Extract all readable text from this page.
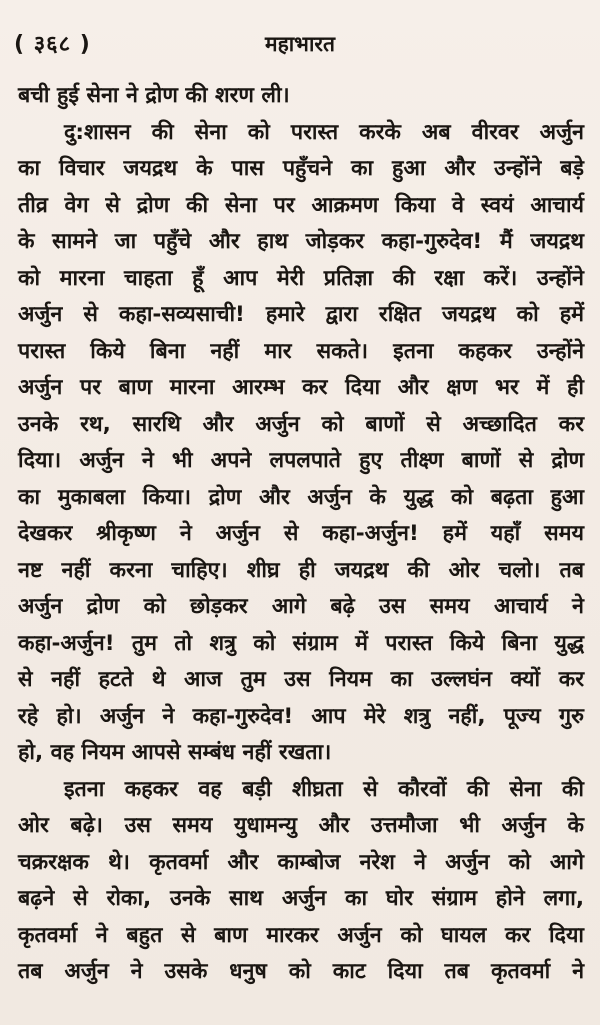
( ३६८ )	महाभारत
बची हुई सेना ने द्रोण की शरण ली।
दु:शासन की सेना को परास्त करके अब वीरवर अर्जुन
का विचार जयद्रथ के पास पहुँचने का हुआ और उन्होंने बड़े
तीव्र वेग से द्रोण की सेना पर आक्रमण किया वे स्वयं आचार्य
के सामने जा पहुँचे और हाथ जोड़कर कहा-गुरुदेव! मैं जयद्रथ
को मारना चाहता हूँ आप मेरी प्रतिज्ञा की रक्षा करें। उन्होंने
अर्जुन से कहा-सव्यसाची! हमारे द्वारा रक्षित जयद्रथ को हमें
परास्त किये बिना नहीं मार सकते। इतना कहकर उन्होंने
अर्जुन पर बाण मारना आरम्भ कर दिया और क्षण भर में ही
उनके रथ, सारथि और अर्जुन को बाणों से अच्छादित कर
दिया। अर्जुन ने भी अपने लपलपाते हुए तीक्ष्ण बाणों से द्रोण
का मुकाबला किया। द्रोण और अर्जुन के युद्ध को बढ़ता हुआ
देखकर श्रीकृष्ण ने अर्जुन से कहा-अर्जुन! हमें यहाँ समय
नष्ट नहीं करना चाहिए। शीघ्र ही जयद्रथ की ओर चलो। तब
अर्जुन द्रोण को छोड़कर आगे बढ़े उस समय आचार्य ने
कहा-अर्जुन! तुम तो शत्रु को संग्राम में परास्त किये बिना युद्ध
से नहीं हटते थे आज तुम उस नियम का उल्लघंन क्यों कर
रहे हो। अर्जुन ने कहा-गुरुदेव! आप मेरे शत्रु नहीं, पूज्य गुरु
हो, वह नियम आपसे सम्बंध नहीं रखता।
इतना कहकर वह बड़ी शीघ्रता से कौरवों की सेना की
ओर बढ़े। उस समय युधामन्यु और उत्तमौजा भी अर्जुन के
चक्ररक्षक थे। कृतवर्मा और काम्बोज नरेश ने अर्जुन को आगे
बढ़ने से रोका, उनके साथ अर्जुन का घोर संग्राम होने लगा,
कृतवर्मा ने बहुत से बाण मारकर अर्जुन को घायल कर दिया
तब अर्जुन ने उसके धनुष को काट दिया तब कृतवर्मा ने
